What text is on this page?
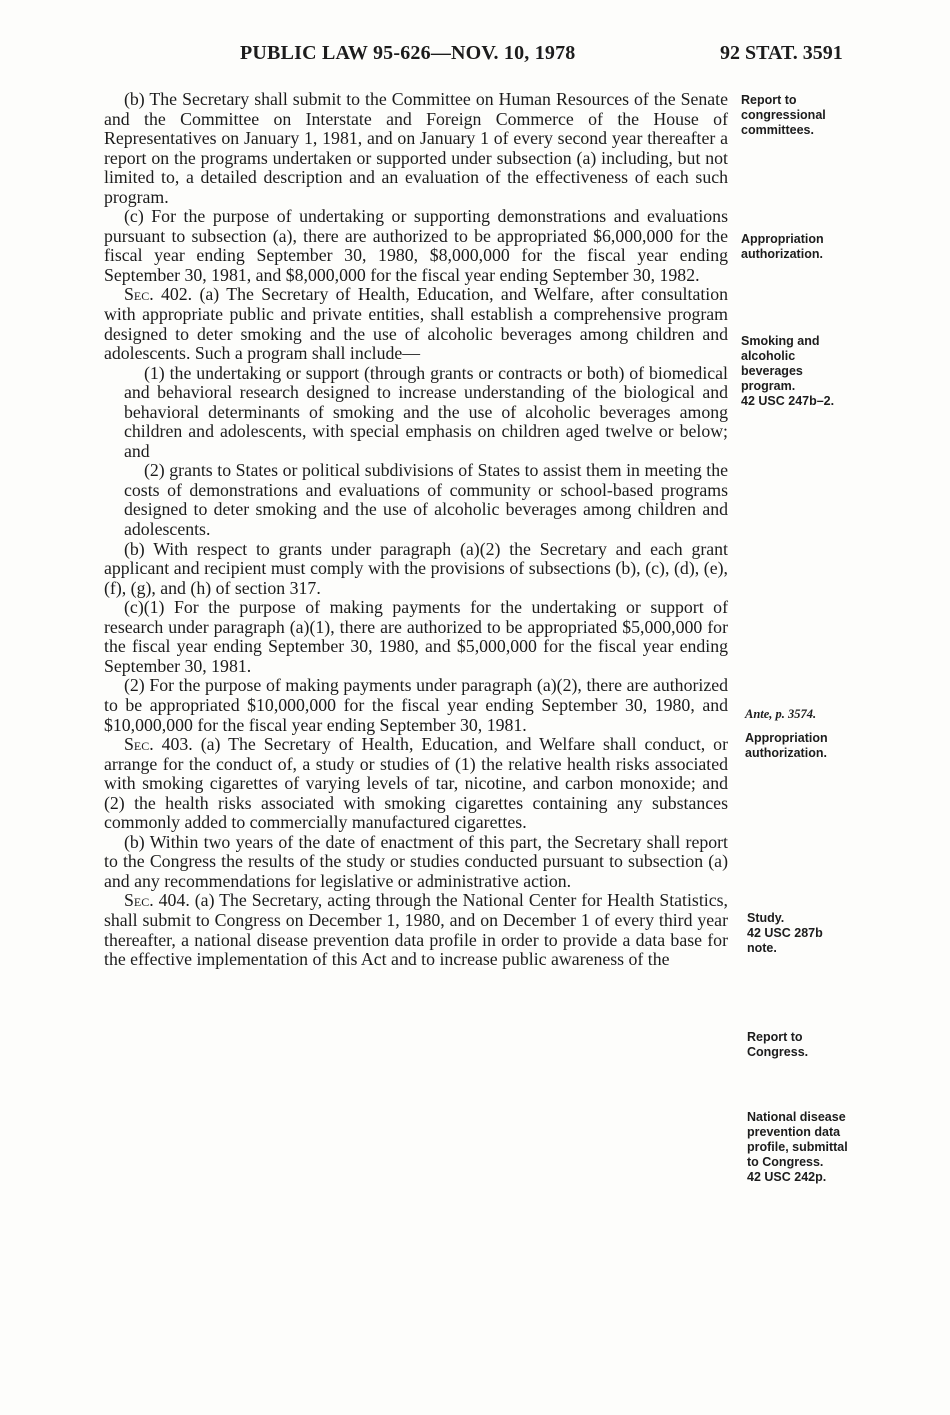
PUBLIC LAW 95-626—NOV. 10, 1978	92 STAT. 3591

(b) The Secretary shall submit to the Committee on Human Resources of the Senate and the Committee on Interstate and Foreign Commerce of the House of Representatives on January 1, 1981, and on January 1 of every second year thereafter a report on the programs undertaken or supported under subsection (a) including, but not limited to, a detailed description and an evaluation of the effectiveness of each such program.

(c) For the purpose of undertaking or supporting demonstrations and evaluations pursuant to subsection (a), there are authorized to be appropriated $6,000,000 for the fiscal year ending September 30, 1980, $8,000,000 for the fiscal year ending September 30, 1981, and $8,000,000 for the fiscal year ending September 30, 1982.

Sec. 402. (a) The Secretary of Health, Education, and Welfare, after consultation with appropriate public and private entities, shall establish a comprehensive program designed to deter smoking and the use of alcoholic beverages among children and adolescents. Such a program shall include—

(1) the undertaking or support (through grants or contracts or both) of biomedical and behavioral research designed to increase understanding of the biological and behavioral determinants of smoking and the use of alcoholic beverages among children and adolescents, with special emphasis on children aged twelve or below; and

(2) grants to States or political subdivisions of States to assist them in meeting the costs of demonstrations and evaluations of community or school-based programs designed to deter smoking and the use of alcoholic beverages among children and adolescents.

(b) With respect to grants under paragraph (a)(2) the Secretary and each grant applicant and recipient must comply with the provisions of subsections (b), (c), (d), (e), (f), (g), and (h) of section 317.

(c)(1) For the purpose of making payments for the undertaking or support of research under paragraph (a)(1), there are authorized to be appropriated $5,000,000 for the fiscal year ending September 30, 1980, and $5,000,000 for the fiscal year ending September 30, 1981.

(2) For the purpose of making payments under paragraph (a)(2), there are authorized to be appropriated $10,000,000 for the fiscal year ending September 30, 1980, and $10,000,000 for the fiscal year ending September 30, 1981.

Sec. 403. (a) The Secretary of Health, Education, and Welfare shall conduct, or arrange for the conduct of, a study or studies of (1) the relative health risks associated with smoking cigarettes of varying levels of tar, nicotine, and carbon monoxide; and (2) the health risks associated with smoking cigarettes containing any substances commonly added to commercially manufactured cigarettes.

(b) Within two years of the date of enactment of this part, the Secretary shall report to the Congress the results of the study or studies conducted pursuant to subsection (a) and any recommendations for legislative or administrative action.

Sec. 404. (a) The Secretary, acting through the National Center for Health Statistics, shall submit to Congress on December 1, 1980, and on December 1 of every third year thereafter, a national disease prevention data profile in order to provide a data base for the effective implementation of this Act and to increase public awareness of the

Report to
congressional
committees.
Appropriation
authorization.
Smoking and
alcoholic
beverages
program.
42 USC 247b–2.
Ante, p. 3574.
Appropriation
authorization.
Study.
42 USC 287b
note.
Report to
Congress.
National disease
prevention data
profile, submittal
to Congress.
42 USC 242p.
